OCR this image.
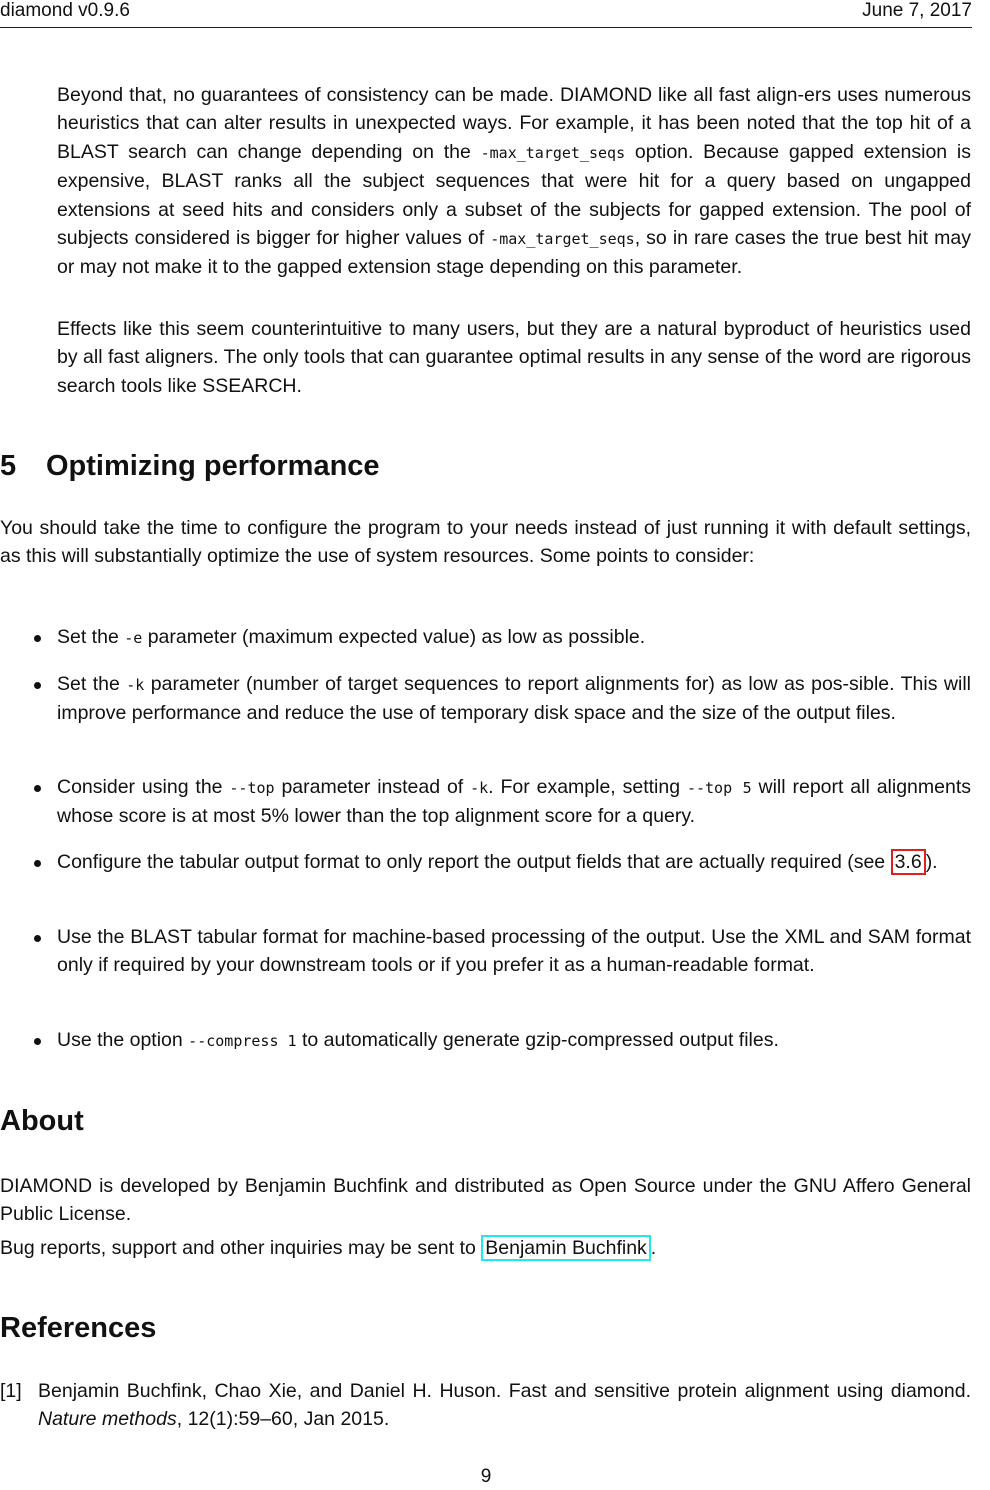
diamond v0.9.6	June 7, 2017

Beyond that, no guarantees of consistency can be made. DIAMOND like all fast align-ers uses numerous heuristics that can alter results in unexpected ways. For example, it has been noted that the top hit of a BLAST search can change depending on the -max_target_seqs option. Because gapped extension is expensive, BLAST ranks all the subject sequences that were hit for a query based on ungapped extensions at seed hits and considers only a subset of the subjects for gapped extension. The pool of subjects considered is bigger for higher values of -max_target_seqs, so in rare cases the true best hit may or may not make it to the gapped extension stage depending on this parameter.

Effects like this seem counterintuitive to many users, but they are a natural byproduct of heuristics used by all fast aligners. The only tools that can guarantee optimal results in any sense of the word are rigorous search tools like SSEARCH.

5 Optimizing performance

You should take the time to configure the program to your needs instead of just running it with default settings, as this will substantially optimize the use of system resources. Some points to consider:

Set the -e parameter (maximum expected value) as low as possible.
Set the -k parameter (number of target sequences to report alignments for) as low as pos-sible. This will improve performance and reduce the use of temporary disk space and the size of the output files.
Consider using the --top parameter instead of -k. For example, setting --top 5 will report all alignments whose score is at most 5% lower than the top alignment score for a query.
Configure the tabular output format to only report the output fields that are actually required (see 3.6 ).
Use the BLAST tabular format for machine-based processing of the output. Use the XML and SAM format only if required by your downstream tools or if you prefer it as a human-readable format.
Use the option --compress 1 to automatically generate gzip-compressed output files.
About

DIAMOND is developed by Benjamin Buchfink and distributed as Open Source under the GNU Affero General Public License.

Bug reports, support and other inquiries may be sent to Benjamin Buchfink .

References
[1] Benjamin Buchfink, Chao Xie, and Daniel H. Huson. Fast and sensitive protein alignment using diamond. Nature methods, 12(1):59–60, Jan 2015.
9
